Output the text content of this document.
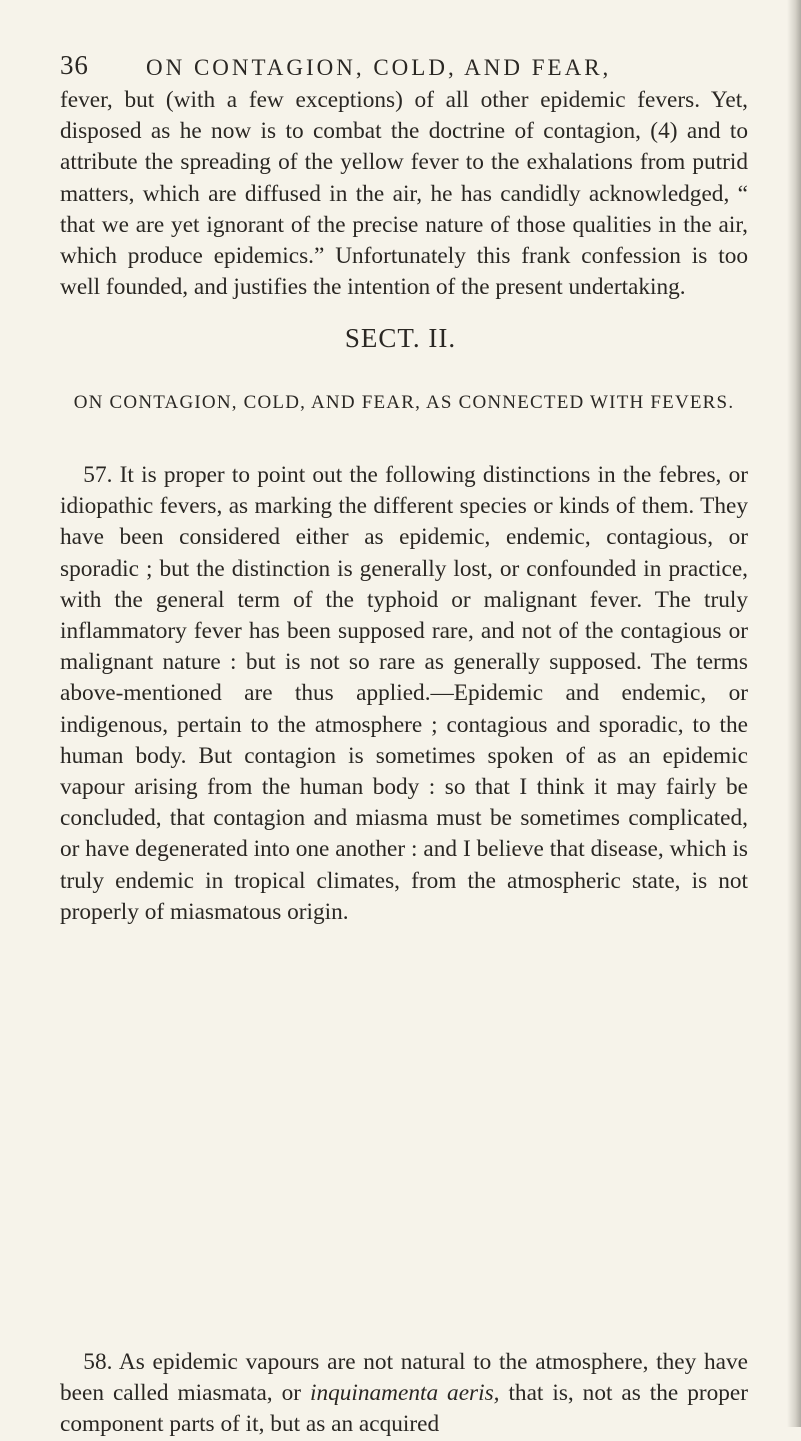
36 ON CONTAGION, COLD, AND FEAR,

fever, but (with a few exceptions) of all other epidemic fevers. Yet, disposed as he now is to combat the doctrine of contagion, (4) and to attribute the spreading of the yellow fever to the exhalations from putrid matters, which are diffused in the air, he has candidly acknowledged, “ that we are yet ignorant of the precise nature of those qualities in the air, which produce epidemics.” Unfortunately this frank confession is too well founded, and justifies the intention of the present undertaking.

SECT. II.
ON CONTAGION, COLD, AND FEAR, AS CONNECTED WITH FEVERS.

 57. It is proper to point out the following distinctions in the febres, or idiopathic fevers, as marking the different species or kinds of them. They have been considered either as epidemic, endemic, contagious, or sporadic ; but the distinction is generally lost, or confounded in practice, with the general term of the typhoid or malignant fever. The truly inflammatory fever has been supposed rare, and not of the contagious or malignant nature : but is not so rare as generally supposed. The terms above-mentioned are thus applied.—Epidemic and endemic, or indigenous, pertain to the atmosphere ; contagious and sporadic, to the human body. But contagion is sometimes spoken of as an epidemic vapour arising from the human body : so that I think it may fairly be concluded, that contagion and miasma must be sometimes complicated, or have degenerated into one another : and I believe that disease, which is truly endemic in tropical climates, from the atmospheric state, is not properly of miasmatous origin.

 58. As epidemic vapours are not natural to the atmosphere, they have been called miasmata, or inquinamenta aeris, that is, not as the proper component parts of it, but as an acquired
